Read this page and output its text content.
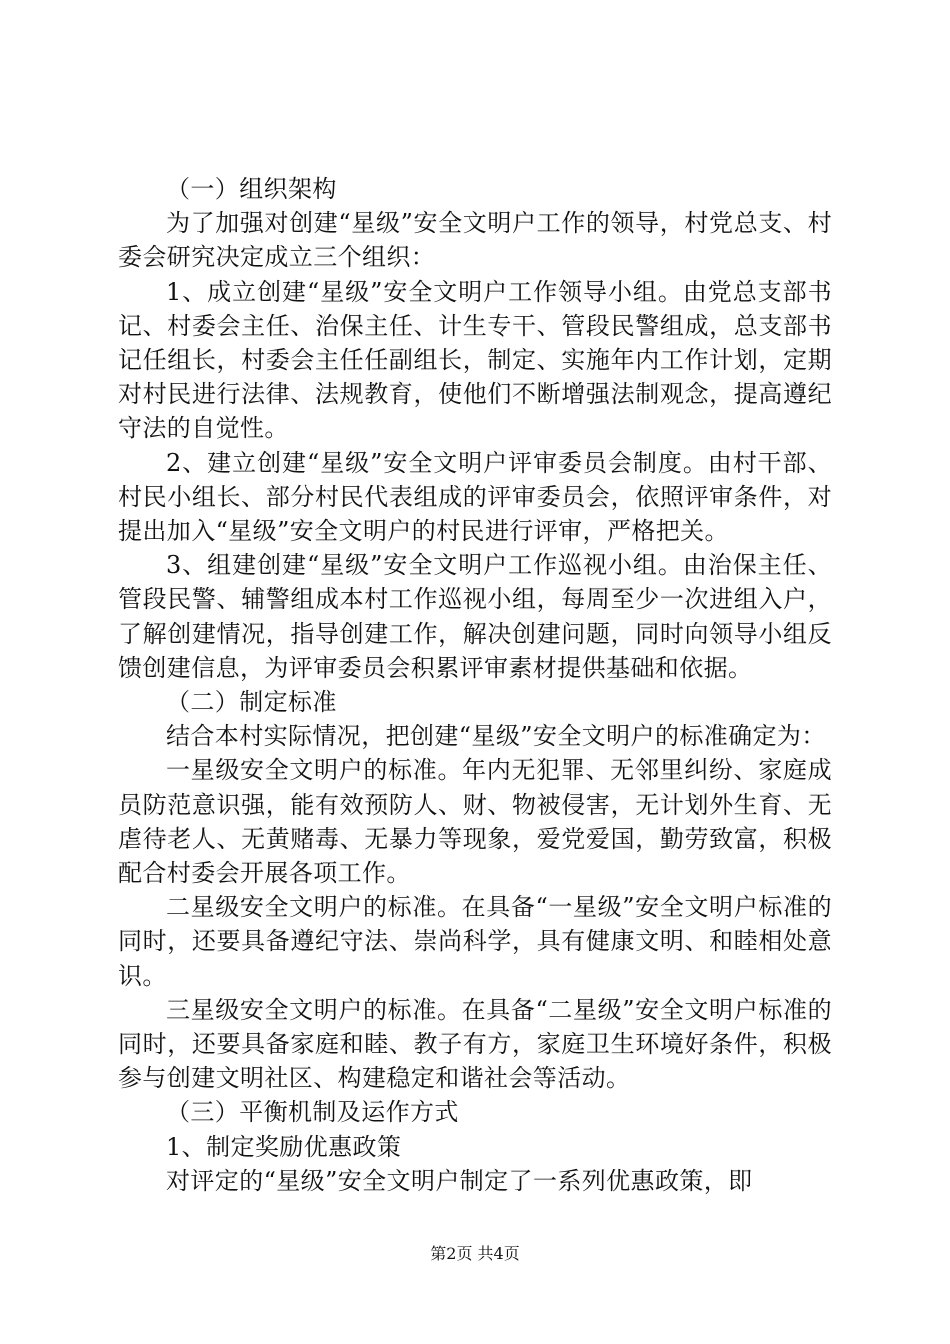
（一）组织架构

为了加强对创建“星级”安全文明户工作的领导，村党总支、村委会研究决定成立三个组织：

1、成立创建“星级”安全文明户工作领导小组。由党总支部书记、村委会主任、治保主任、计生专干、管段民警组成，总支部书记任组长，村委会主任任副组长，制定、实施年内工作计划，定期对村民进行法律、法规教育，使他们不断增强法制观念，提高遵纪守法的自觉性。

2、建立创建“星级”安全文明户评审委员会制度。由村干部、村民小组长、部分村民代表组成的评审委员会，依照评审条件，对提出加入“星级”安全文明户的村民进行评审，严格把关。

3、组建创建“星级”安全文明户工作巡视小组。由治保主任、管段民警、辅警组成本村工作巡视小组，每周至少一次进组入户，了解创建情况，指导创建工作，解决创建问题，同时向领导小组反馈创建信息，为评审委员会积累评审素材提供基础和依据。

（二）制定标准

结合本村实际情况，把创建“星级”安全文明户的标准确定为：

一星级安全文明户的标准。年内无犯罪、无邻里纠纷、家庭成员防范意识强，能有效预防人、财、物被侵害，无计划外生育、无虐待老人、无黄赌毒、无暴力等现象，爱党爱国，勤劳致富，积极配合村委会开展各项工作。

二星级安全文明户的标准。在具备“一星级”安全文明户标准的同时，还要具备遵纪守法、崇尚科学，具有健康文明、和睦相处意识。

三星级安全文明户的标准。在具备“二星级”安全文明户标准的同时，还要具备家庭和睦、教子有方，家庭卫生环境好条件，积极参与创建文明社区、构建稳定和谐社会等活动。

（三）平衡机制及运作方式

1、制定奖励优惠政策

对评定的“星级”安全文明户制定了一系列优惠政策，即

第2页 共4页
